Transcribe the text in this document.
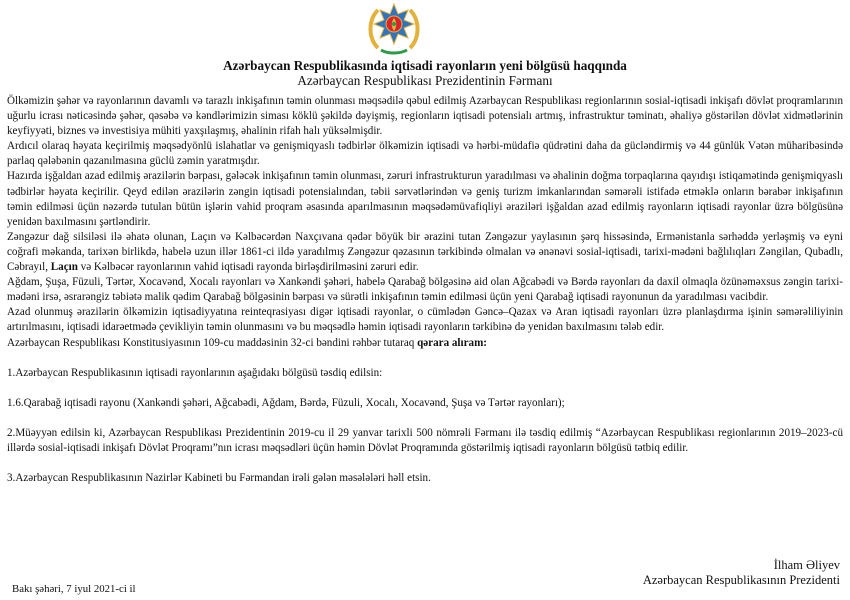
Azərbaycan Respublikasında iqtisadi rayonların yeni bölgüsü haqqında
Azərbaycan Respublikası Prezidentinin Fərmanı

Ölkəmizin şəhər və rayonlarının davamlı və tarazlı inkişafının təmin olunması məqsədilə qəbul edilmiş Azərbaycan Respublikası regionlarının sosial-iqtisadi inkişafı dövlət proqramlarının uğurlu icrası nəticəsində şəhər, qəsəbə və kəndlərimizin siması köklü şəkildə dəyişmiş, regionların iqtisadi potensialı artmış, infrastruktur təminatı, əhaliyə göstərilən dövlət xidmətlərinin keyfiyyəti, biznes və investisiya mühiti yaxşılaşmış, əhalinin rifah halı yüksəlmişdir.

Ardıcıl olaraq həyata keçirilmiş məqsədyönlü islahatlar və genişmiqyaslı tədbirlər ölkəmizin iqtisadi və hərbi-müdafiə qüdrətini daha da gücləndirmiş və 44 günlük Vətən müharibəsində parlaq qələbənin qazanılmasına güclü zəmin yaratmışdır.

Hazırda işğaldan azad edilmiş ərazilərin bərpası, gələcək inkişafının təmin olunması, zəruri infrastrukturun yaradılması və əhalinin doğma torpaqlarına qayıdışı istiqamətində genişmiqyaslı tədbirlər həyata keçirilir. Qeyd edilən ərazilərin zəngin iqtisadi potensialından, təbii sərvətlərindən və geniş turizm imkanlarından səmərəli istifadə etməklə onların bərabər inkişafının təmin edilməsi üçün nəzərdə tutulan bütün işlərin vahid proqram əsasında aparılmasının məqsədəmüvafiqliyi əraziləri işğaldan azad edilmiş rayonların iqtisadi rayonlar üzrə bölgüsünə yenidən baxılmasını şərtləndirir.

Zəngəzur dağ silsiləsi ilə əhatə olunan, Laçın və Kəlbəcərdən Naxçıvana qədər böyük bir ərazini tutan Zəngəzur yaylasının şərq hissəsində, Ermənistanla sərhəddə yerləşmiş və eyni coğrafi məkanda, tarixən birlikdə, habelə uzun illər 1861-ci ildə yaradılmış Zəngəzur qəzasının tərkibində olmalan və ənənəvi sosial-iqtisadi, tarixi-mədəni bağlılıqları Zəngilan, Qubadlı, Cəbrayıl, Laçın və Kəlbəcər rayonlarının vahid iqtisadi rayonda birləşdirilməsini zəruri edir.

Ağdam, Şuşa, Füzuli, Tərtər, Xocavənd, Xocalı rayonları və Xankəndi şəhəri, habelə Qarabağ bölgəsinə aid olan Ağcabədi və Bərdə rayonları da daxil olmaqla özünəməxsus zəngin tarixi-mədəni irsə, əsrarəngiz təbiətə malik qədim Qarabağ bölgəsinin bərpası və sürətli inkişafının təmin edilməsi üçün yeni Qarabağ iqtisadi rayonunun da yaradılması vacibdir.

Azad olunmuş ərazilərin ölkəmizin iqtisadiyyatına reinteqrasiyası digər iqtisadi rayonlar, o cümlədən Gəncə–Qazax və Aran iqtisadi rayonları üzrə planlaşdırma işinin səmərəliliyinin artırılmasını, iqtisadi idarəetmədə çevikliyin təmin olunmasını və bu məqsədlə həmin iqtisadi rayonların tərkibinə də yenidən baxılmasını tələb edir.

Azərbaycan Respublikası Konstitusiyasının 109-cu maddəsinin 32-ci bəndini rəhbər tutaraq qərara alıram:

1.Azərbaycan Respublikasının iqtisadi rayonlarının aşağıdakı bölgüsü təsdiq edilsin:

1.6.Qarabağ iqtisadi rayonu (Xankəndi şəhəri, Ağcabədi, Ağdam, Bərdə, Füzuli, Xocalı, Xocavənd, Şuşa və Tərtər rayonları);

2.Müəyyən edilsin ki, Azərbaycan Respublikası Prezidentinin 2019-cu il 29 yanvar tarixli 500 nömrəli Fərmanı ilə təsdiq edilmiş “Azərbaycan Respublikası regionlarının 2019–2023-cü illərdə sosial-iqtisadi inkişafı Dövlət Proqramı”nın icrası məqsədləri üçün həmin Dövlət Proqramında göstərilmiş iqtisadi rayonların bölgüsü tətbiq edilir.

3.Azərbaycan Respublikasının Nazirlər Kabineti bu Fərmandan irəli gələn məsələləri həll etsin.

İlham Əliyev
Azərbaycan Respublikasının Prezidenti
Bakı şəhəri, 7 iyul 2021-ci il
